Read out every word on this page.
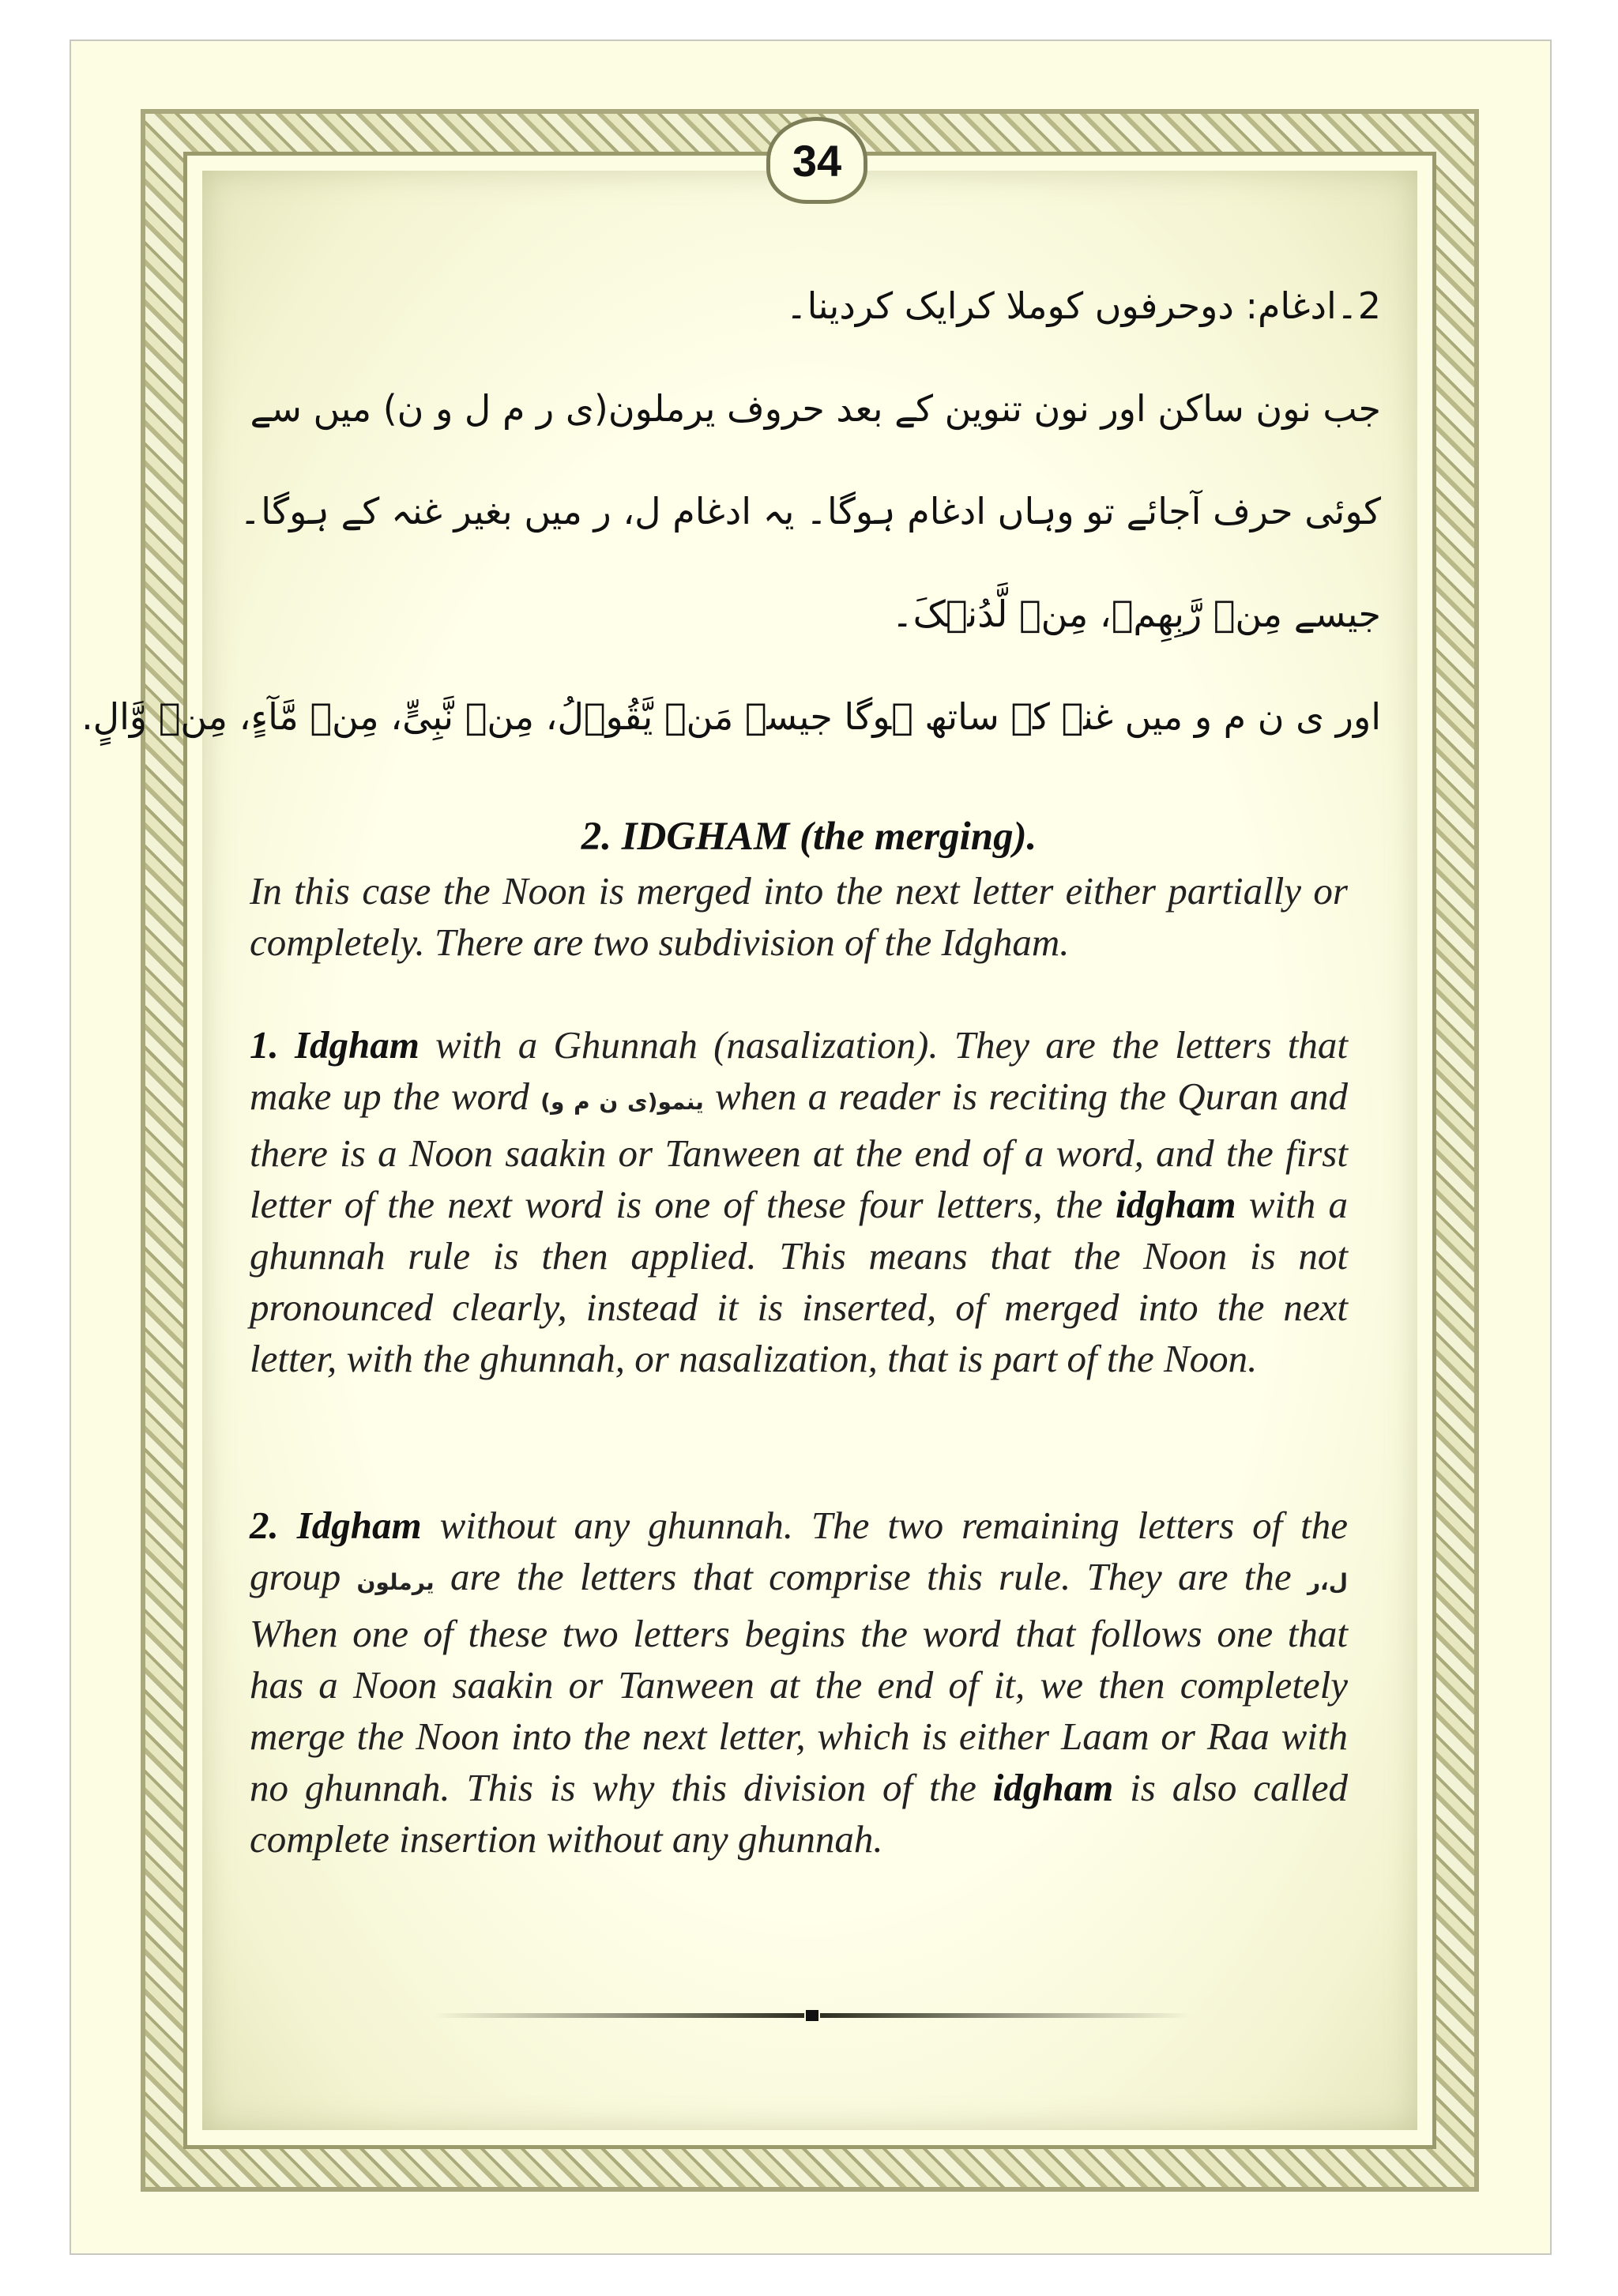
34
2۔ادغام: دوحرفوں کوملا کرایک کردینا۔
جب نون ساکن اور نون تنوین کے بعد حروف یرملون(ی ر م ل و ن) میں سے
کوئی حرف آجائے تو وہاں ادغام ہوگا۔ یہ ادغام ل، ر میں بغیر غنہ کے ہوگا۔
جیسے مِنۡ رَّبِھِمۡ، مِنۡ لَّدُنۡکَ۔
اور ی ن م و میں غنہ کے ساتھ ہوگا جیسے مَنۡ یَّقُوۡلُ، مِنۡ نَّبِیٍّ، مِنۡ مَّآءٍ، مِنۡ وَّالٍ.
2. IDGHAM (the merging).
In this case the Noon is merged into the next letter either partially or completely. There are two subdivision of the Idgham.
1. Idgham with a Ghunnah (nasalization). They are the letters that make up the word ینمو(ی ن م و) when a reader is reciting the Quran and there is a Noon saakin or Tanween at the end of a word, and the first letter of the next word is one of these four letters, the idgham with a ghunnah rule is then applied. This means that the Noon is not pronounced clearly, instead it is inserted, of merged into the next letter, with the ghunnah, or nasalization, that is part of the Noon.
2. Idgham without any ghunnah. The two remaining letters of the group یرملون are the letters that comprise this rule. They are the ل،ر When one of these two letters begins the word that follows one that has a Noon saakin or Tanween at the end of it, we then completely merge the Noon into the next letter, which is either Laam or Raa with no ghunnah. This is why this division of the idgham is also called complete insertion without any ghunnah.
